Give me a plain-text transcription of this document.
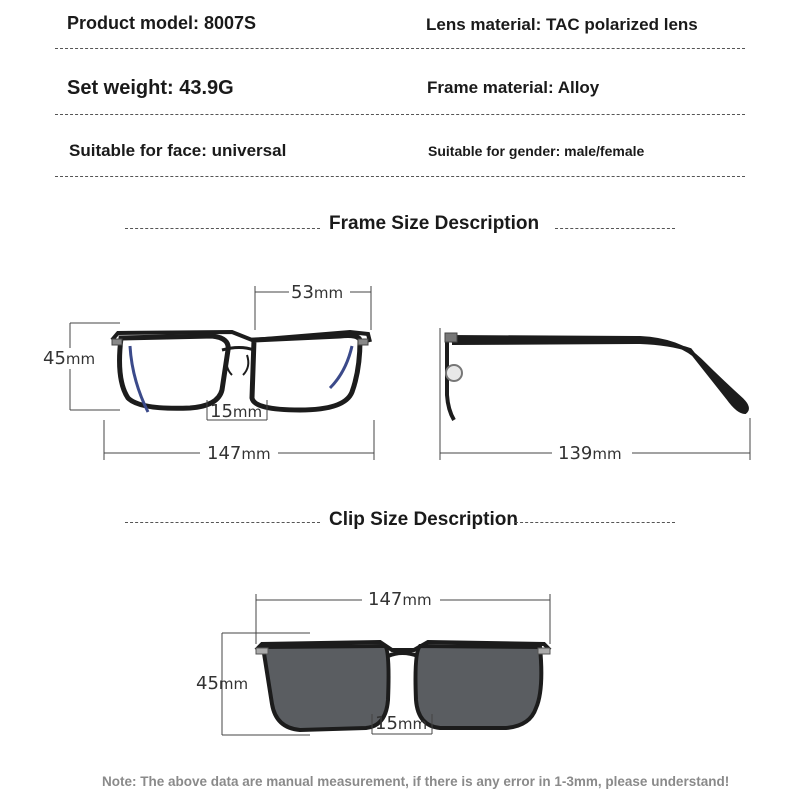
Product model: 8007S	Lens material: TAC polarized lens
Set weight: 43.9G	Frame material: Alloy
Suitable for face: universal	Suitable for gender: male/female
Frame Size Description
Clip Size Description
53mm
45mm
15mm
147mm	139mm
147mm
45mm
15mm
Note: The above data are manual measurement, if there is any error in 1-3mm, please understand!
